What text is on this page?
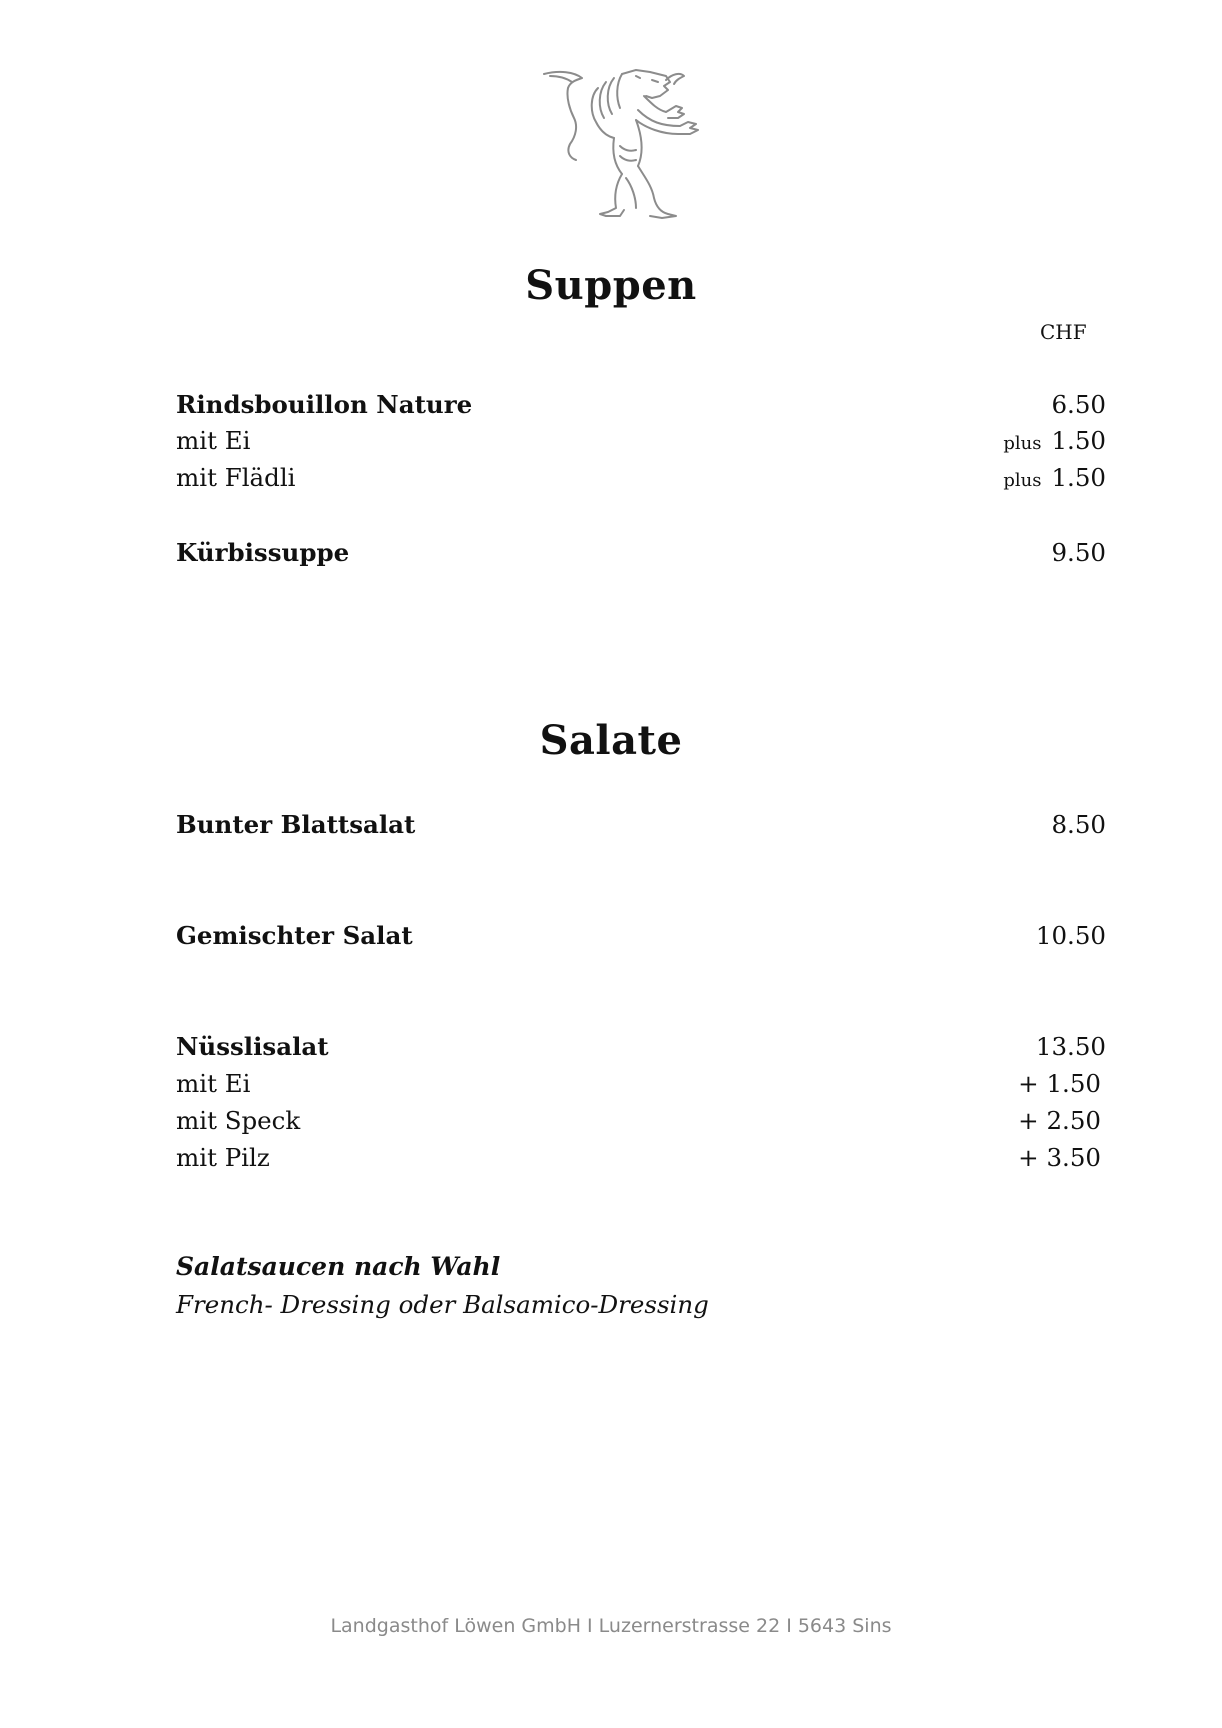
Suppen
CHF
Rindsbouillon Nature	6.50
mit Ei	plus 1.50
mit Flädli	plus 1.50
Kürbissuppe	9.50
Salate
Bunter Blattsalat	8.50
Gemischter Salat	10.50
Nüsslisalat	13.50
mit Ei	+ 1.50
mit Speck	+ 2.50
mit Pilz	+ 3.50
Salatsaucen nach Wahl
French- Dressing oder Balsamico-Dressing
Landgasthof Löwen GmbH I Luzernerstrasse 22 I 5643 Sins
